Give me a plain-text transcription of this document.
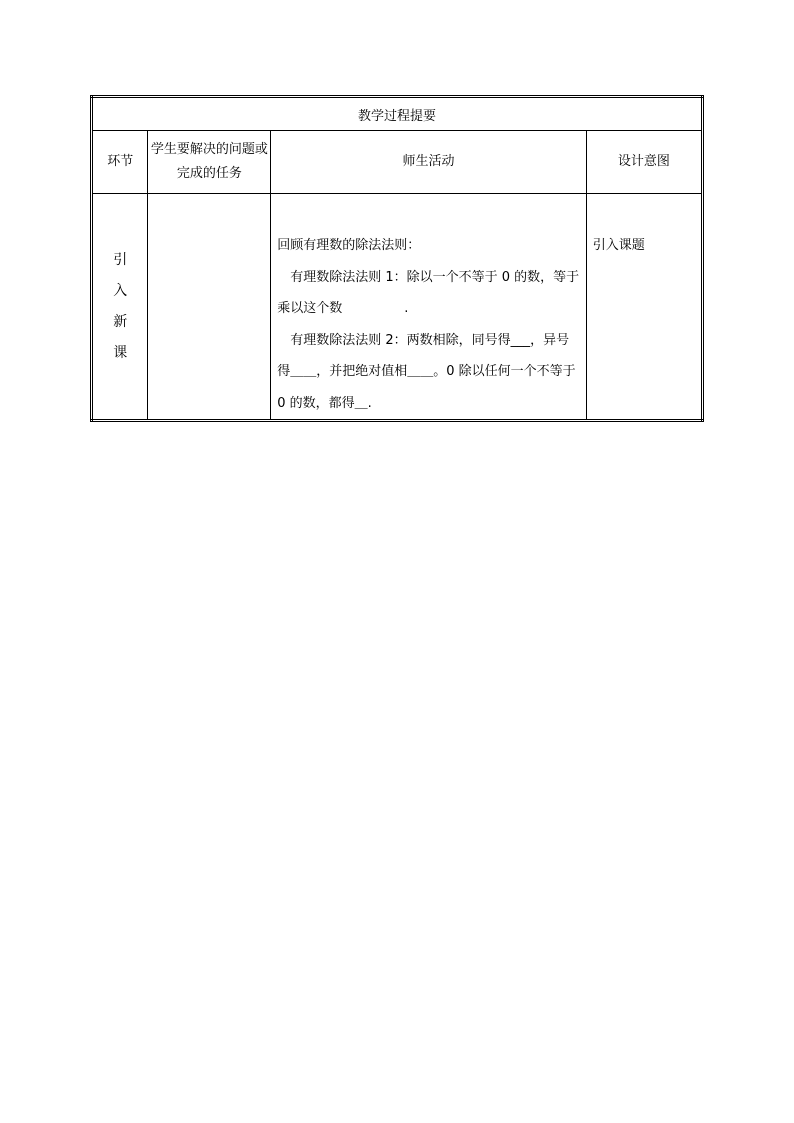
教学过程提要			
环节	学生要解决的问题或完成的任务	师生活动	设计意图
引入新课		回顾有理数的除法法则：

有理数除法法则 1：除以一个不等于 0 的数，等于乘以这个数 .

有理数除法法则 2：两数相除，同号得___，异号得＿＿，并把绝对值相＿＿。0 除以任何一个不等于 0 的数，都得＿.	引入课题
